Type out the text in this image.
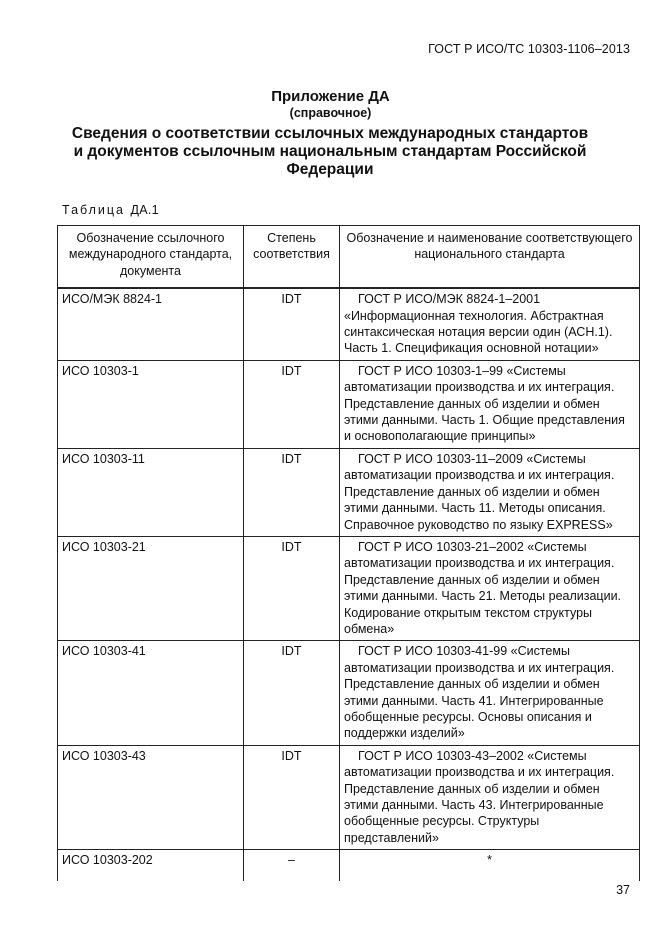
ГОСТ Р ИСО/ТС 10303-1106–2013
Приложение ДА
(справочное)
Сведения о соответствии ссылочных международных стандартов и документов ссылочным национальным стандартам Российской Федерации
Таблица ДА.1
Обозначение ссылочного международного стандарта, документа	Степень соответствия	Обозначение и наименование соответствующего национального стандарта
ИСО/МЭК 8824-1	IDT	ГОСТ Р ИСО/МЭК 8824-1–2001 «Информационная технология. Абстрактная синтаксическая нотация версии один (АСН.1). Часть 1. Спецификация основной нотации»
ИСО 10303-1	IDT	ГОСТ Р ИСО 10303-1–99 «Системы автоматизации производства и их интеграция. Представление данных об изделии и обмен этими данными. Часть 1. Общие представления и основополагающие принципы»
ИСО 10303-11	IDT	ГОСТ Р ИСО 10303-11–2009 «Системы автоматизации производства и их интеграция. Представление данных об изделии и обмен этими данными. Часть 11. Методы описания. Справочное руководство по языку EXPRESS»
ИСО 10303-21	IDT	ГОСТ Р ИСО 10303-21–2002 «Системы автоматизации производства и их интеграция. Представление данных об изделии и обмен этими данными. Часть 21. Методы реализации. Кодирование открытым текстом структуры обмена»
ИСО 10303-41	IDT	ГОСТ Р ИСО 10303-41-99 «Системы автоматизации производства и их интеграция. Представление данных об изделии и обмен этими данными. Часть 41. Интегрированные обобщенные ресурсы. Основы описания и поддержки изделий»
ИСО 10303-43	IDT	ГОСТ Р ИСО 10303-43–2002 «Системы автоматизации производства и их интеграция. Представление данных об изделии и обмен этими данными. Часть 43. Интегрированные обобщенные ресурсы. Структуры представлений»
ИСО 10303-202	–	*
37
